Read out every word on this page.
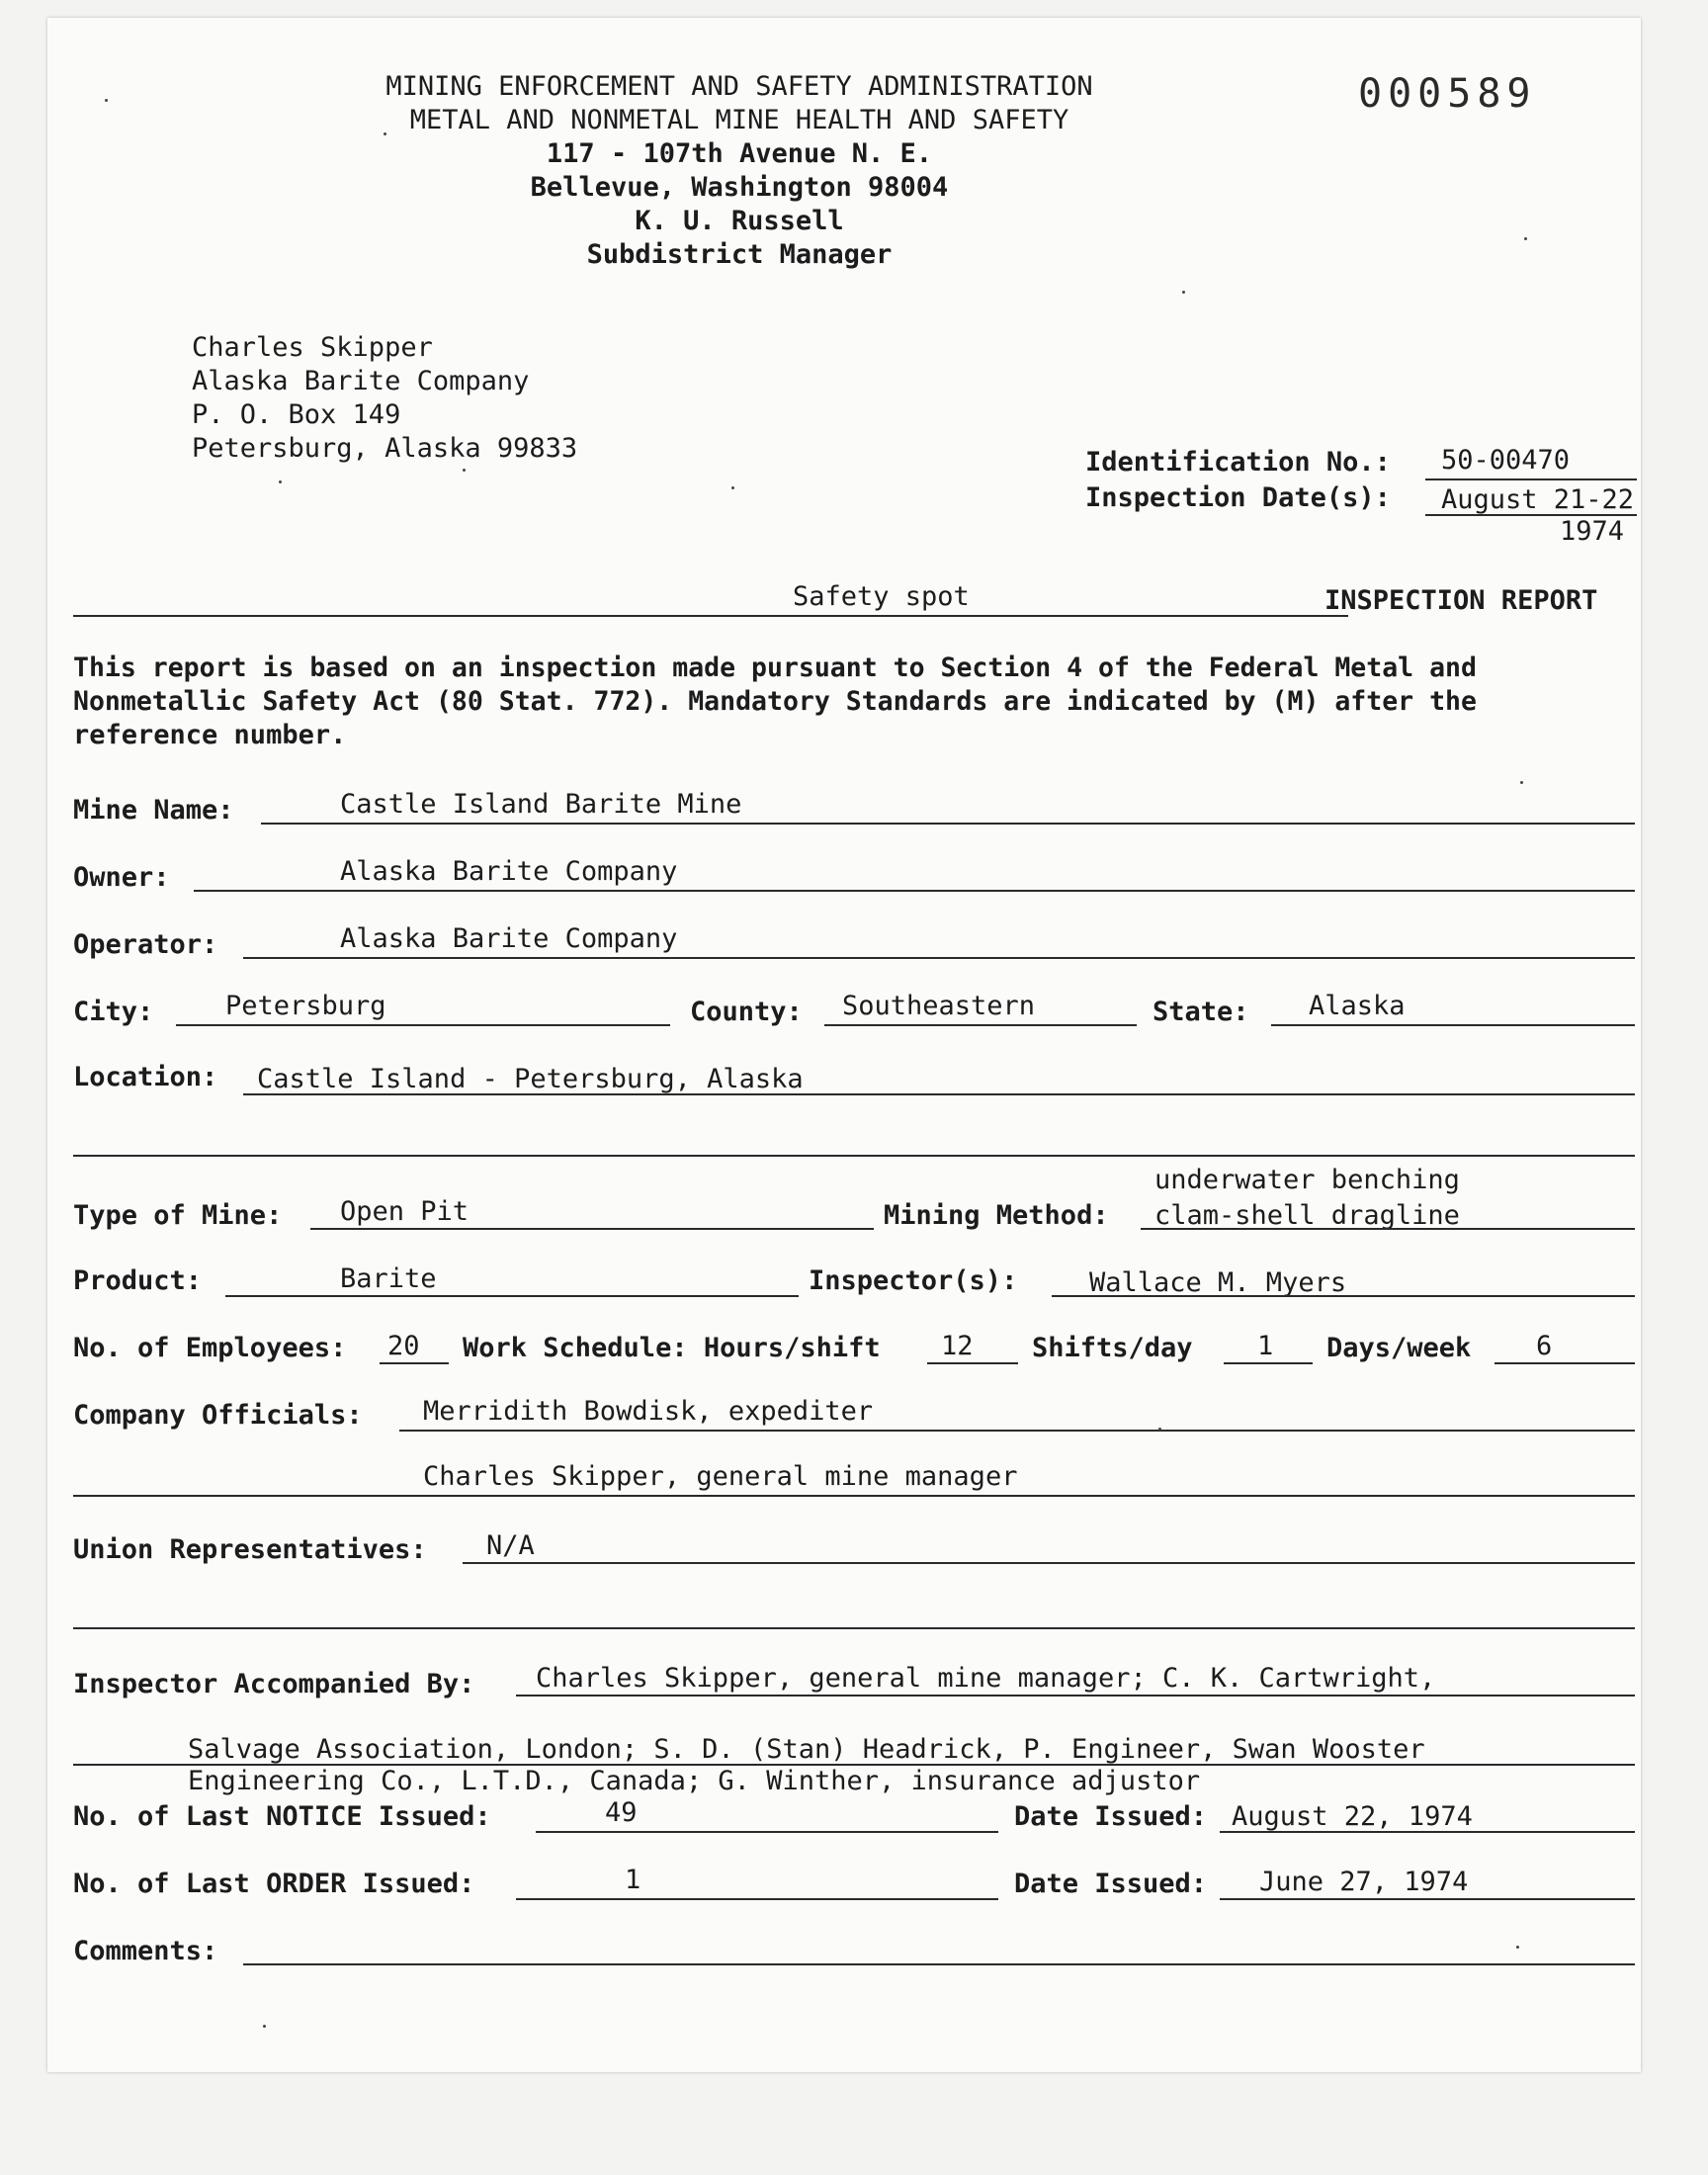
000589
MINING ENFORCEMENT AND SAFETY ADMINISTRATION
METAL AND NONMETAL MINE HEALTH AND SAFETY
117 - 107th Avenue N. E.
Bellevue, Washington 98004
K. U. Russell
Subdistrict Manager
Charles Skipper
Alaska Barite Company
P. O. Box 149
Petersburg, Alaska 99833	Identification No.: 50-00470
Inspection Date(s): August 21-22
1974
Safety spot	INSPECTION REPORT
This report is based on an inspection made pursuant to Section 4 of the Federal Metal and
Nonmetallic Safety Act (80 Stat. 772). Mandatory Standards are indicated by (M) after the
reference number.
Mine Name:	Castle Island Barite Mine
Owner:	Alaska Barite Company
Operator:	Alaska Barite Company
City:	Petersburg	County: Southeastern	State: Alaska
Location: Castle Island - Petersburg, Alaska
underwater benching
Type of Mine: Open Pit	Mining Method: clam-shell dragline
Product:	Barite	Inspector(s):	Wallace M. Myers
No. of Employees: 20 Work Schedule: Hours/shift 12 Shifts/day 1 Days/week 6
Company Officials: Merridith Bowdisk, expediter
Charles Skipper, general mine manager
Union Representatives: N/A
Inspector Accompanied By: Charles Skipper, general mine manager; C. K. Cartwright,
Salvage Association, London; S. D. (Stan) Headrick, P. Engineer, Swan Wooster
Engineering Co., L.T.D., Canada; G. Winther, insurance adjustor
No. of Last NOTICE Issued:	49	Date Issued: August 22, 1974
No. of Last ORDER Issued:	1	Date Issued: June 27, 1974
Comments:
